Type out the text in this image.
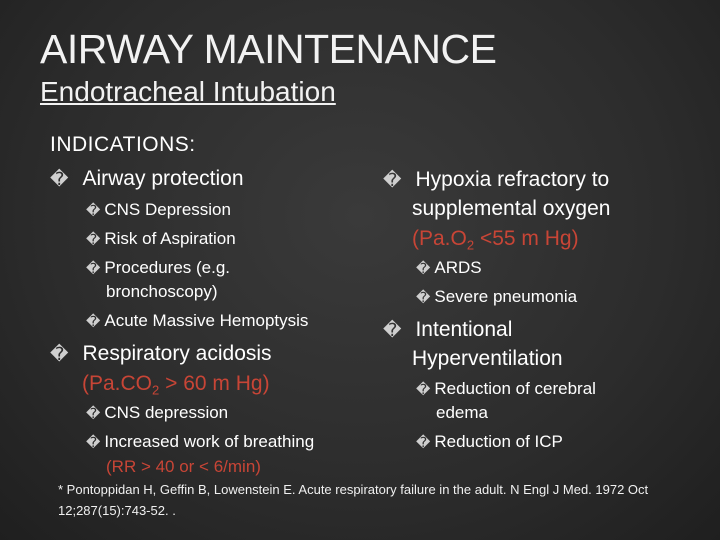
AIRWAY MAINTENANCE
Endotracheal Intubation
INDICATIONS:
� Airway protection
� CNS Depression
� Risk of Aspiration
� Procedures (e.g.
bronchoscopy)
� Acute Massive Hemoptysis
� Respiratory acidosis
($Pa.CO_2 > 60$ m Hg)
� CNS depression
� Increased work of breathing
(RR > 40 or < 6/min)
� Hypoxia refractory to
supplemental oxygen
($Pa.O_2 <55$ m Hg)
� ARDS
� Severe pneumonia
� Intentional
Hyperventilation
� Reduction of cerebral
edema
� Reduction of ICP
* Pontoppidan H, Geffin B, Lowenstein E. Acute respiratory failure in the adult. N Engl J Med. 1972 Oct 12;287(15):743-52. .
